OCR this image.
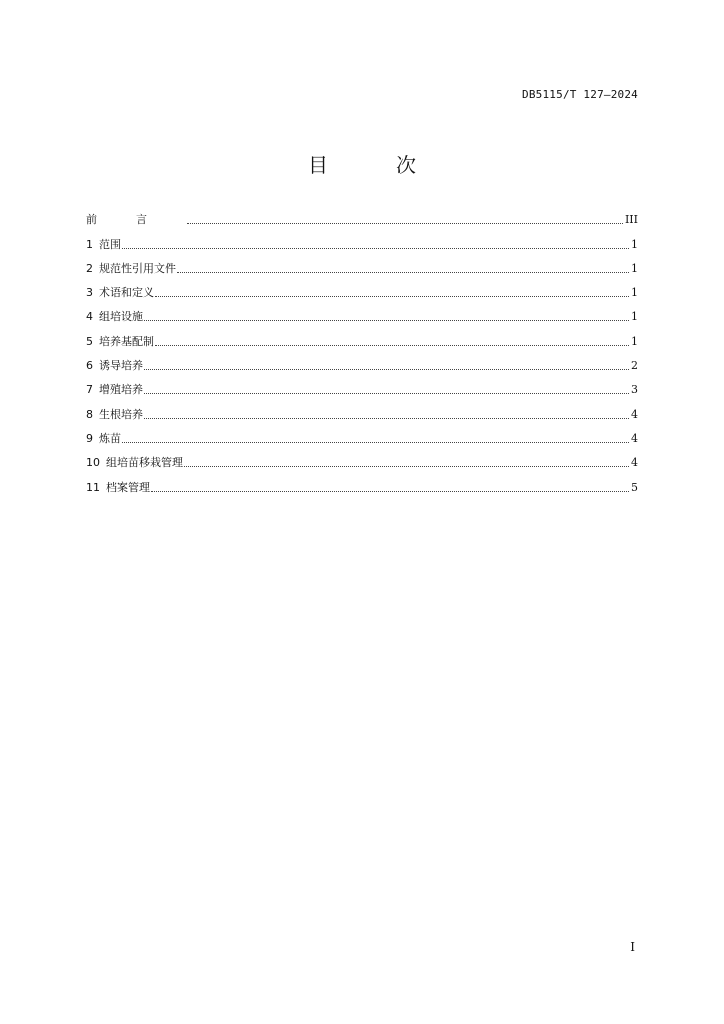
DB5115/T 127—2024
目　次
前言	III
1 范围	1
2 规范性引用文件	1
3 术语和定义	1
4 组培设施	1
5 培养基配制	1
6 诱导培养	2
7 增殖培养	3
8 生根培养	4
9 炼苗	4
10 组培苗移栽管理	4
11 档案管理	5
I
